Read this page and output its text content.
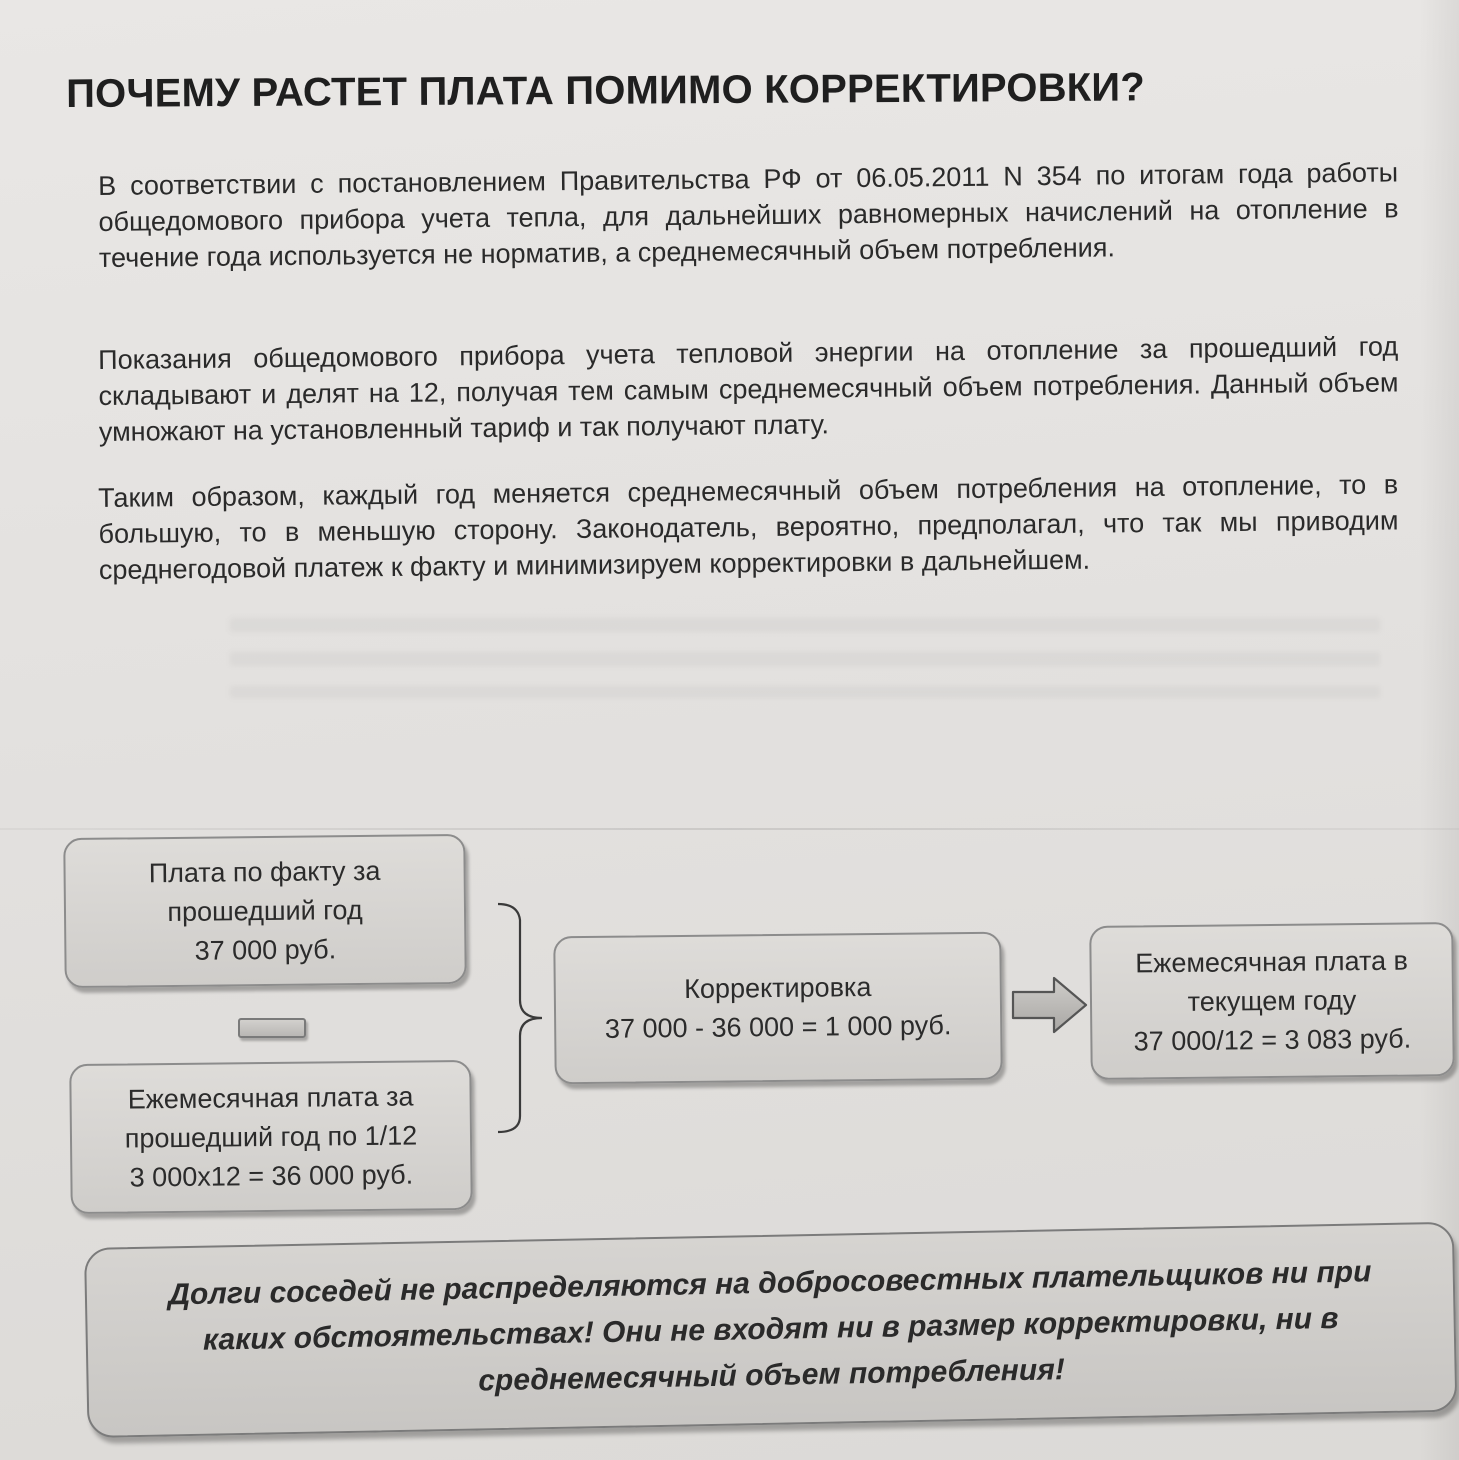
ПОЧЕМУ РАСТЕТ ПЛАТА ПОМИМО КОРРЕКТИРОВКИ?

В соответствии с постановлением Правительства РФ от 06.05.2011 N 354 по итогам года работы общедомового прибора учета тепла, для дальнейших равномерных начислений на отопление в течение года используется не норматив, а среднемесячный объем потребления.

Показания общедомового прибора учета тепловой энергии на отопление за прошедший год складывают и делят на 12, получая тем самым среднемесячный объем потребления. Данный объем умножают на установленный тариф и так получают плату.

Таким образом, каждый год меняется среднемесячный объем потребления на отопление, то в большую, то в меньшую сторону. Законодатель, вероятно, предполагал, что так мы приводим среднегодовой платеж к факту и минимизируем корректировки в дальнейшем.

Плата по факту за
прошедший год
37 000 руб.
Ежемесячная плата за
прошедший год по 1/12
3 000x12 = 36 000 руб.
Корректировка
37 000 - 36 000 = 1 000 руб.
Ежемесячная плата в
текущем году
37 000/12 = 3 083 руб.
Долги соседей не распределяются на добросовестных плательщиков ни при
каких обстоятельствах! Они не входят ни в размер корректировки, ни в
среднемесячный объем потребления!
